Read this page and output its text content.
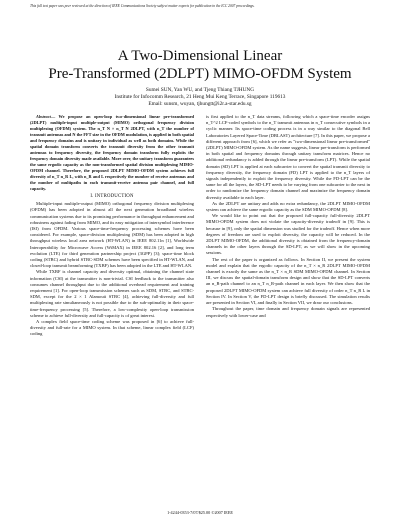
This full text paper was peer reviewed at the direction of IEEE Communications Society subject matter experts for publication in the ICC 2007 proceedings.
A Two-Dimensional Linear
Pre-Transformed (2DLPT) MIMO-OFDM System
Sumei SUN, Yan WU, and Tjeng Thiang TJHUNG
Institute for Infocomm Research, 21 Heng Mui Keng Terrace, Singapore 119613
Email: sunsm, wuyan, tjhungtt@i2r.a-star.edu.sg

Abstract— We propose an open-loop two-dimensional linear pre-transformed (2DLPT) multiple-input multiple-output (MIMO) orthogonal frequency division multiplexing (OFDM) system. The n_T N × n_T N 2DLPT, with n_T the number of transmit antennas and N the FFT size in the OFDM modulation, is applied in both spatial and frequency domains and is unitary in individual as well as both domains. While the spatial domain transform converts the transmit diversity from the other transmit antennas to frequency diversity, the frequency domain transform fully exploits the frequency domain diversity made available. More over, the unitary transform guarantees the same ergodic capacity as the non-transformed spatial division multiplexing MIMO-OFDM channel. Therefore, the proposed 2DLPT MIMO-OFDM system achieves full diversity of n_T n_R L, with n_R and L respectively the number of receive antennas and the number of multipaths in each transmit-receive antenna pair channel, and full capacity.

I. INTRODUCTION

Multiple-input multiple-output (MIMO) orthogonal frequency division multiplexing (OFDM) has been adopted in almost all the next generation broadband wireless communication systems due to its promising performance in throughput enhancement and robustness against fading from MIMO, and its easy mitigation of intersymbol interference (ISI) from OFDM. Various space-time-frequency processing schemes have been considered. For example, space-division multiplexing (SDM) has been adopted in high throughput wireless local area network (HT-WLAN) in IEEE 802.11n [1], Worldwide Interoperability for Microwave Access (WiMAX) in IEEE 802.16 [2], and long term evolution (LTE) for third generation partnership project (3GPP) [3]; space-time block coding (STBC) and hybrid STBC-SDM schemes have been specified in HT-WLAN, and closed-loop transmit beamforming (TXBF) has been adopted in the LTE and HT-WLAN.

While TXBF is channel capacity and diversity optimal, obtaining the channel state information (CSI) at the transmitter is non-trivial. CSI feedback to the transmitter also consumes channel throughput due to the additional overhead requirement and training requirement [1]. For open-loop transmission schemes such as SDM, STBC, and STBC-SDM, except for the 2 × 1 Alamouti STBC [4], achieving full-diversity and full multiplexing rate simultaneously is not possible due to the sub-optimality in their space-time-frequency processing [5]. Therefore, a low-complexity open-loop transmission scheme to achieve full-diversity and full-capacity is of great interest.

A complex field space-time coding scheme was proposed in [6] to achieve full-diversity and full-rate for a MIMO system. In that scheme, linear complex field (LCF) coding

is first applied to the n_T data streams, following which a space-time encoder assigns n_T^2 LCF-coded symbols to the n_T transmit antennas in n_T consecutive symbols in a cyclic manner. Its space-time coding process is in a way similar to the diagonal Bell Laboratories Layered Space-Time (DBLAST) architecture [7]. In this paper, we propose a different approach from [6], which we refer as "two-dimensional linear pre-transformed" (2DLPT) MIMO-OFDM system. As the name suggests, linear pre-transform is performed in both spatial and frequency domains through unitary transform matrices. Hence no additional redundancy is added through the linear pre-transform (LPT). While the spatial domain (SD) LPT is applied at each subcarrier to convert the spatial transmit diversity to frequency diversity, the frequency domain (FD) LPT is applied to the n_T layers of signals independently to exploit the frequency diversity. While the FD-LPT can be the same for all the layers, the SD-LPT needs to be varying from one subcarrier to the next in order to randomize the frequency domain channel and maximize the frequency domain diversity available to each layer.

As the 2DLPT are unitary and adds no extra redundancy, the 2DLPT MIMO-OFDM system can achieve the same ergodic capacity as the SDM MIMO-OFDM [8].

We would like to point out that the proposed full-capacity full-diversity 2DLPT MIMO-OFDM system does not violate the capacity-diversity tradeoff in [9]. This is because in [9], only the spatial dimension was studied for the tradeoff. Hence when more degrees of freedom are used to exploit diversity, the capacity will be reduced. In the 2DLPT MIMO-OFDM, the additional diversity is obtained from the frequency-domain channels in the other layers through the SD-LPT, as we will show in the upcoming sessions.

The rest of the paper is organized as follows. In Section II, we present the system model and explain that the ergodic capacity of the n_T × n_R 2DLPT MIMO-OFDM channel is exactly the same as the n_T × n_R SDM MIMO-OFDM channel. In Section III, we discuss the spatial-domain transform design and show that the SD-LPT converts an n_R-path channel to an n_T n_R-path channel in each layer. We then show that the proposed 2DLPT MIMO-OFDM system can achieve full diversity of order n_T n_R L in Section IV. In Section V, the FD-LPT design is briefly discussed. The simulation results are presented in Section VI, and finally in Section VII, we draw our conclusions.

Throughout the paper, time domain and frequency domain signals are represented respectively with lower-case and

1-4244-0353-7/07/$25.00 ©2007 IEEE
